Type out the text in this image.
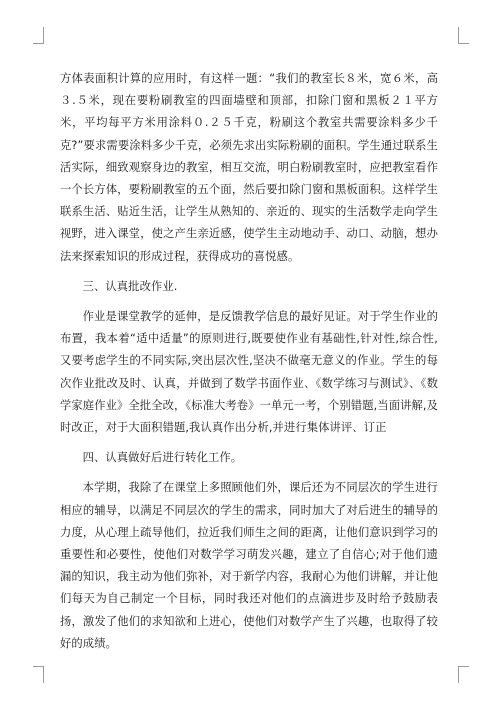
方体表面积计算的应用时，有这样一题：“我们的教室长８米，宽６米，高３.５米，现在要粉刷教室的四面墙壁和顶部，扣除门窗和黑板２１平方米，平均每平方米用涂料０.２５千克，粉刷这个教室共需要涂料多少千克?”要求需要涂料多少千克，必须先求出实际粉刷的面积。学生通过联系生活实际，细致观察身边的教室，相互交流，明白粉刷教室时，应把教室看作一个长方体，要粉刷教室的五个面，然后要扣除门窗和黑板面积。这样学生联系生活、贴近生活，让学生从熟知的、亲近的、现实的生活数学走向学生视野，进入课堂，使之产生亲近感，使学生主动地动手、动口、动脑，想办法来探索知识的形成过程，获得成功的喜悦感。

三、认真批改作业.

作业是课堂教学的延伸，是反馈教学信息的最好见证。对于学生作业的布置，我本着“适中适量”的原则进行,既要使作业有基础性,针对性,综合性,又要考虑学生的不同实际,突出层次性,坚决不做毫无意义的作业。学生的每次作业批改及时、认真，并做到了数学书面作业、《数学练习与测试》、《数学家庭作业》全批全改，《标准大考卷》一单元一考，个别错题,当面讲解,及时改正，对于大面积错题,我认真作出分析,并进行集体讲评、订正

四、认真做好后进行转化工作。

本学期，我除了在课堂上多照顾他们外，课后还为不同层次的学生进行相应的辅导，以满足不同层次的学生的需求，同时加大了对后进生的辅导的力度，从心理上疏导他们，拉近我们师生之间的距离，让他们意识到学习的重要性和必要性，使他们对数学学习萌发兴趣，建立了自信心;对于他们遗漏的知识，我主动为他们弥补，对于新学内容，我耐心为他们讲解，并让他们每天为自己制定一个目标，同时我还对他们的点滴进步及时给予鼓励表扬，激发了他们的求知欲和上进心，使他们对数学产生了兴趣，也取得了较好的成绩。
